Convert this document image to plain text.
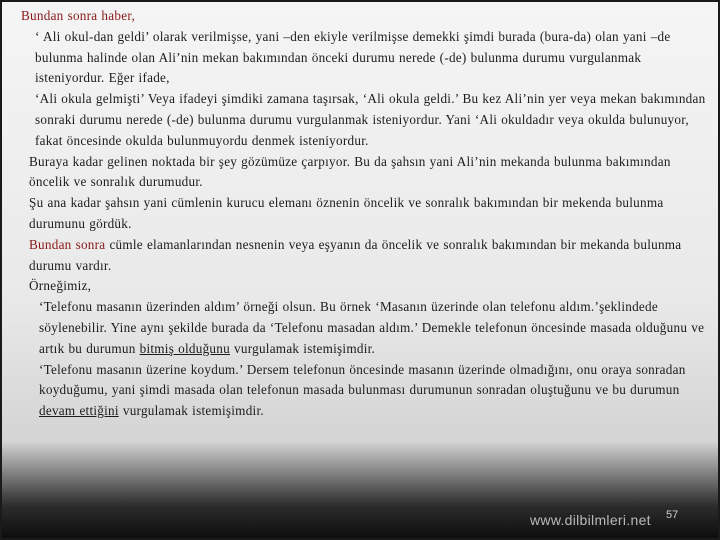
Bundan sonra haber,

‘ Ali okul-dan geldi’ olarak verilmişse, yani –den ekiyle verilmişse demekki şimdi burada (bura-da) olan yani –de bulunma halinde olan Ali’nin mekan bakımından önceki durumu nerede (-de) bulunma durumu vurgulanmak isteniyordur. Eğer ifade,

‘Ali okula gelmişti’ Veya ifadeyi şimdiki zamana taşırsak, ‘Ali okula geldi.’ Bu kez Ali’nin yer veya mekan bakımından sonraki durumu nerede (-de) bulunma durumu vurgulanmak isteniyordur. Yani ‘Ali okuldadır veya okulda bulunuyor, fakat öncesinde okulda bulunmuyordu denmek isteniyordur.

Buraya kadar gelinen noktada bir şey gözümüze çarpıyor. Bu da şahsın yani Ali’nin mekanda bulunma bakımından öncelik ve sonralık durumudur.

Şu ana kadar şahsın yani cümlenin kurucu elemanı öznenin öncelik ve sonralık bakımından bir mekenda bulunma durumunu gördük.

Bundan sonra cümle elamanlarından nesnenin veya eşyanın da öncelik ve sonralık bakımından bir mekanda bulunma durumu vardır.

Örneğimiz,

‘Telefonu masanın üzerinden aldım’ örneği olsun. Bu örnek ‘Masanın üzerinde olan telefonu aldım.’şeklindede söylenebilir. Yine aynı şekilde burada da ‘Telefonu masadan aldım.’ Demekle telefonun öncesinde masada olduğunu ve artık bu durumun bitmiş olduğunu vurgulamak istemişimdir.

‘Telefonu masanın üzerine koydum.’ Dersem telefonun öncesinde masanın üzerinde olmadığını, onu oraya sonradan koyduğumu, yani şimdi masada olan telefonun masada bulunması durumunun sonradan oluştuğunu ve bu durumun devam ettiğini vurgulamak istemişimdir.

www.dilbilmleri.net 57
